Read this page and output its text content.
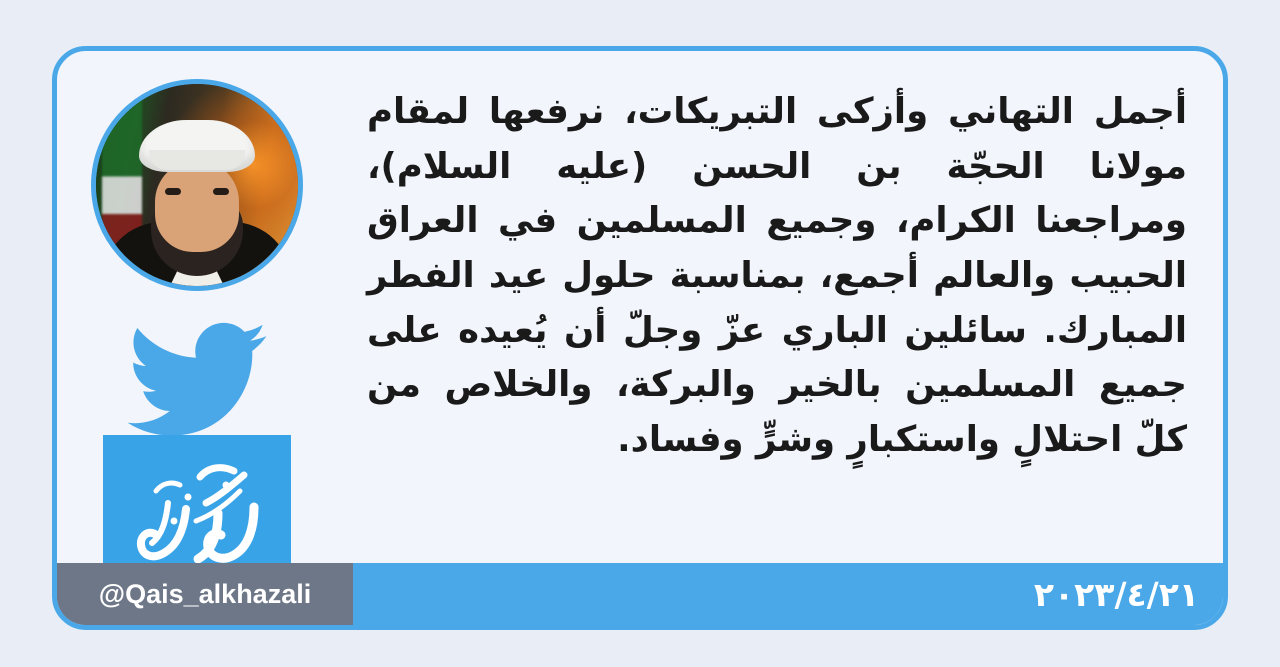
أجمل التهاني وأزكى التبريكات، نرفعها لمقام مولانا الحجّة بن الحسن (عليه السلام)، ومراجعنا الكرام، وجميع المسلمين في العراق الحبيب والعالم أجمع، بمناسبة حلول عيد الفطر المبارك. سائلين الباري عزّ وجلّ أن يُعيده على جميع المسلمين بالخير والبركة، والخلاص من كلّ احتلالٍ واستكبارٍ وشرٍّ وفساد.

٢٠٢٣/٤/٢١
@Qais_alkhazali
